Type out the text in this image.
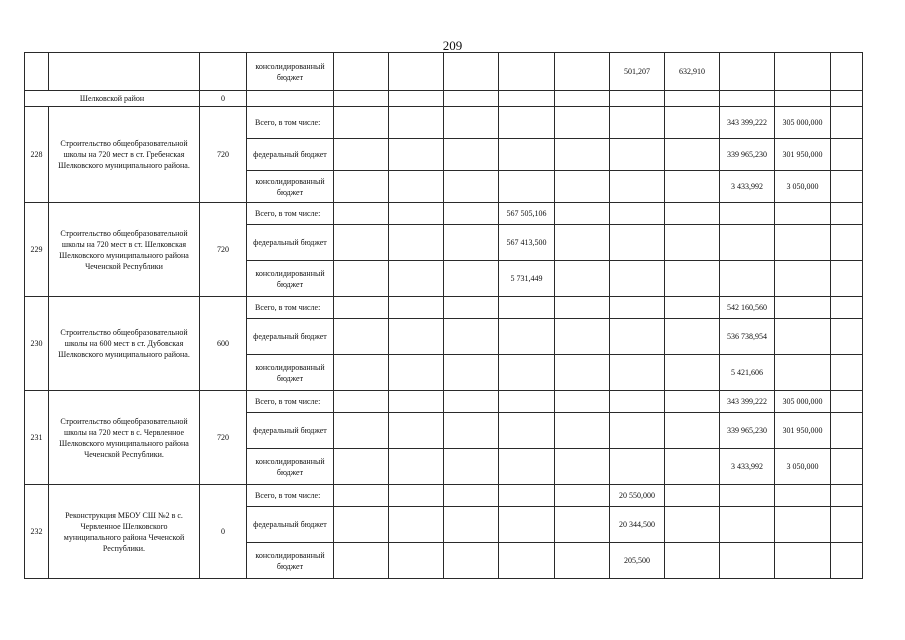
209
			консолидированный бюджет						501,207	632,910			
Шелковской район		0											
228	Строительство общеобразовательной школы на 720 мест в ст. Гребенская Шелковского муниципального района.	720	Всего, в том числе:								343 399,222	305 000,000	
			федеральный бюджет								339 965,230	301 950,000	
			консолидированный бюджет								3 433,992	3 050,000	
229	Строительство общеобразовательной школы на 720 мест в ст. Шелковская Шелковского муниципального района Чеченской Республики	720	Всего, в том числе:				567 505,106						
			федеральный бюджет				567 413,500						
			консолидированный бюджет				5 731,449						
230	Строительство общеобразовательной школы на 600 мест в ст. Дубовская Шелковского муниципального района.	600	Всего, в том числе:								542 160,560		
			федеральный бюджет								536 738,954		
			консолидированный бюджет								5 421,606		
231	Строительство общеобразовательной школы на 720 мест в с. Червленное Шелковского муниципального района Чеченской Республики.	720	Всего, в том числе:								343 399,222	305 000,000	
			федеральный бюджет								339 965,230	301 950,000	
			консолидированный бюджет								3 433,992	3 050,000	
232	Реконструкция МБОУ СШ №2 в с. Червленное Шелковского муниципального района Чеченской Республики.	0	Всего, в том числе:						20 550,000				
			федеральный бюджет						20 344,500				
			консолидированный бюджет						205,500				
